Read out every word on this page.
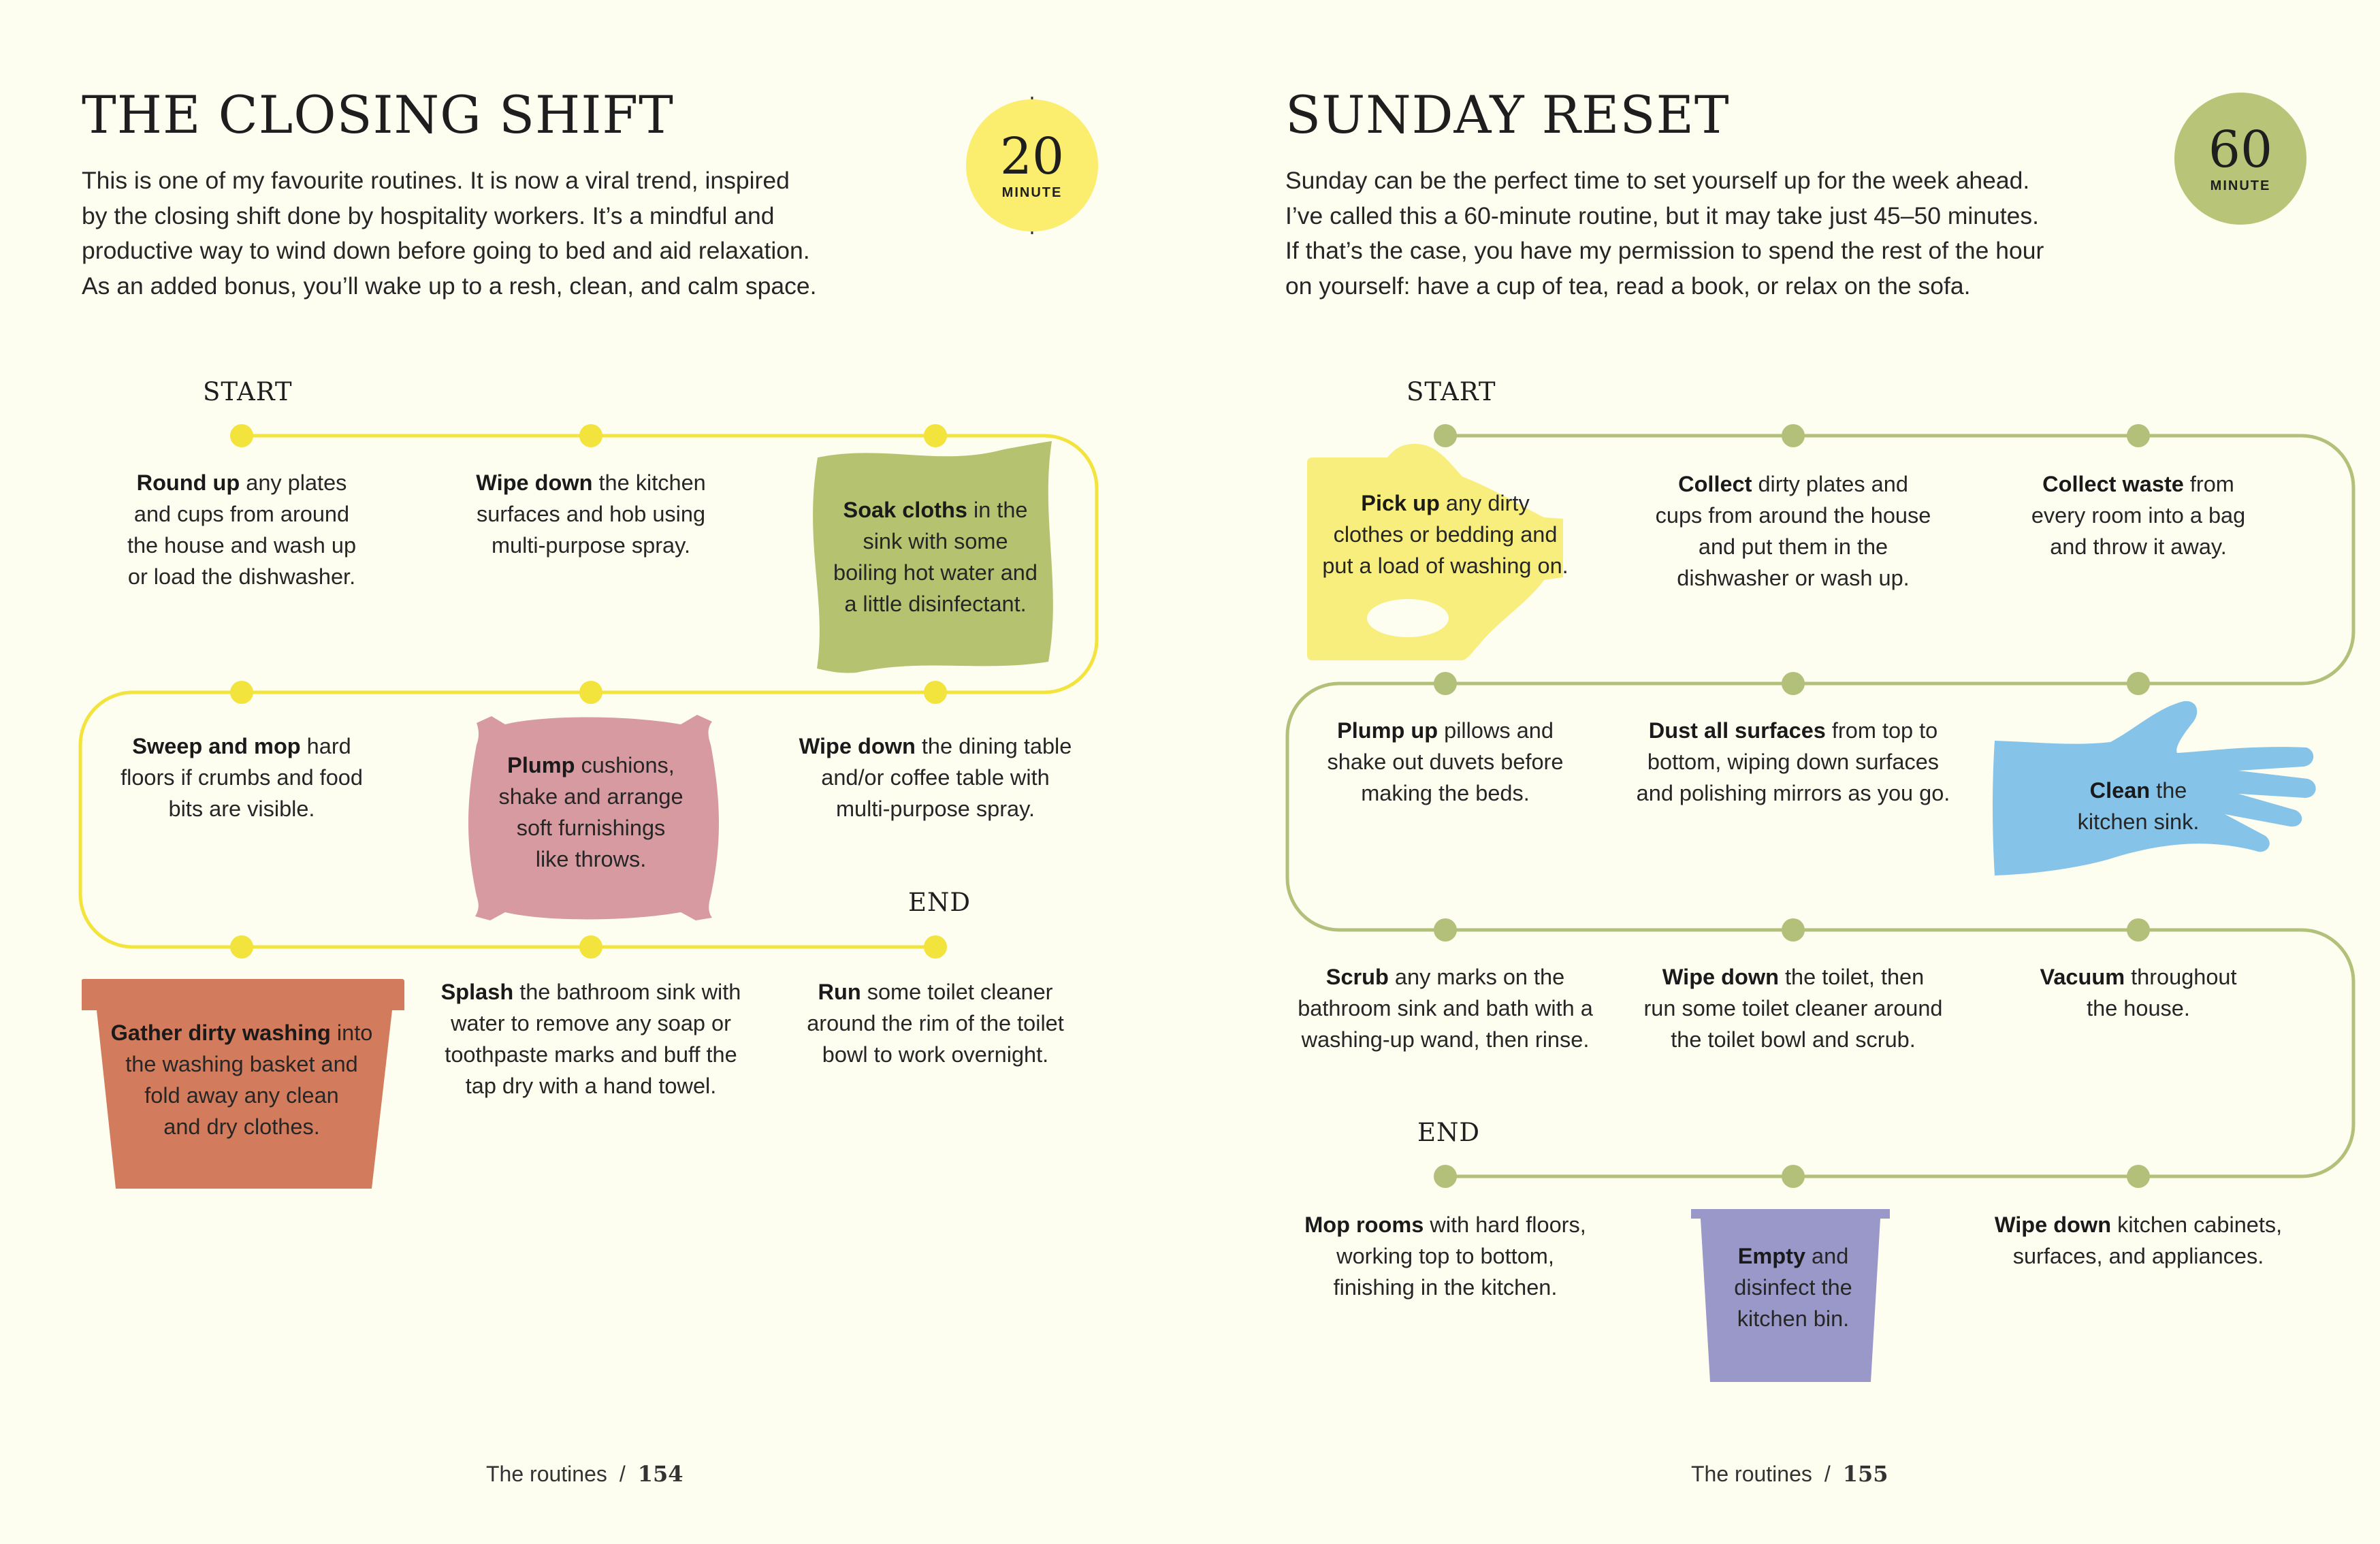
20
MINUTE
THE CLOSING SHIFT
This is one of my favourite routines. It is now a viral trend, inspired
by the closing shift done by hospitality workers. It’s a mindful and
productive way to wind down before going to bed and aid relaxation.
As an added bonus, you’ll wake up to a resh, clean, and calm space.
START
END
60
MINUTE
SUNDAY RESET
Sunday can be the perfect time to set yourself up for the week ahead.
I’ve called this a 60-minute routine, but it may take just 45–50 minutes.
If that’s the case, you have my permission to spend the rest of the hour
on yourself: have a cup of tea, read a book, or relax on the sofa.
START
END
Round up any plates
and cups from around
the house and wash up
or load the dishwasher.
Wipe down the kitchen
surfaces and hob using
multi-purpose spray.
Soak cloths in the
sink with some
boiling hot water and
a little disinfectant.
Wipe down the dining table
and/or coffee table with
multi-purpose spray.
Plump cushions,
shake and arrange
soft furnishings
like throws.
Sweep and mop hard
floors if crumbs and food
bits are visible.
Gather dirty washing into
the washing basket and
fold away any clean
and dry clothes.
Splash the bathroom sink with
water to remove any soap or
toothpaste marks and buff the
tap dry with a hand towel.
Run some toilet cleaner
around the rim of the toilet
bowl to work overnight.
Pick up any dirty
clothes or bedding and
put a load of washing on.
Collect dirty plates and
cups from around the house
and put them in the
dishwasher or wash up.
Collect waste from
every room into a bag
and throw it away.
Clean the
kitchen sink.
Dust all surfaces from top to
bottom, wiping down surfaces
and polishing mirrors as you go.
Plump up pillows and
shake out duvets before
making the beds.
Scrub any marks on the
bathroom sink and bath with a
washing-up wand, then rinse.
Wipe down the toilet, then
run some toilet cleaner around
the toilet bowl and scrub.
Vacuum throughout
the house.
Wipe down kitchen cabinets,
surfaces, and appliances.
Empty and
disinfect the
kitchen bin.
Mop rooms with hard floors,
working top to bottom,
finishing in the kitchen.
The routines / 154	The routines / 155
